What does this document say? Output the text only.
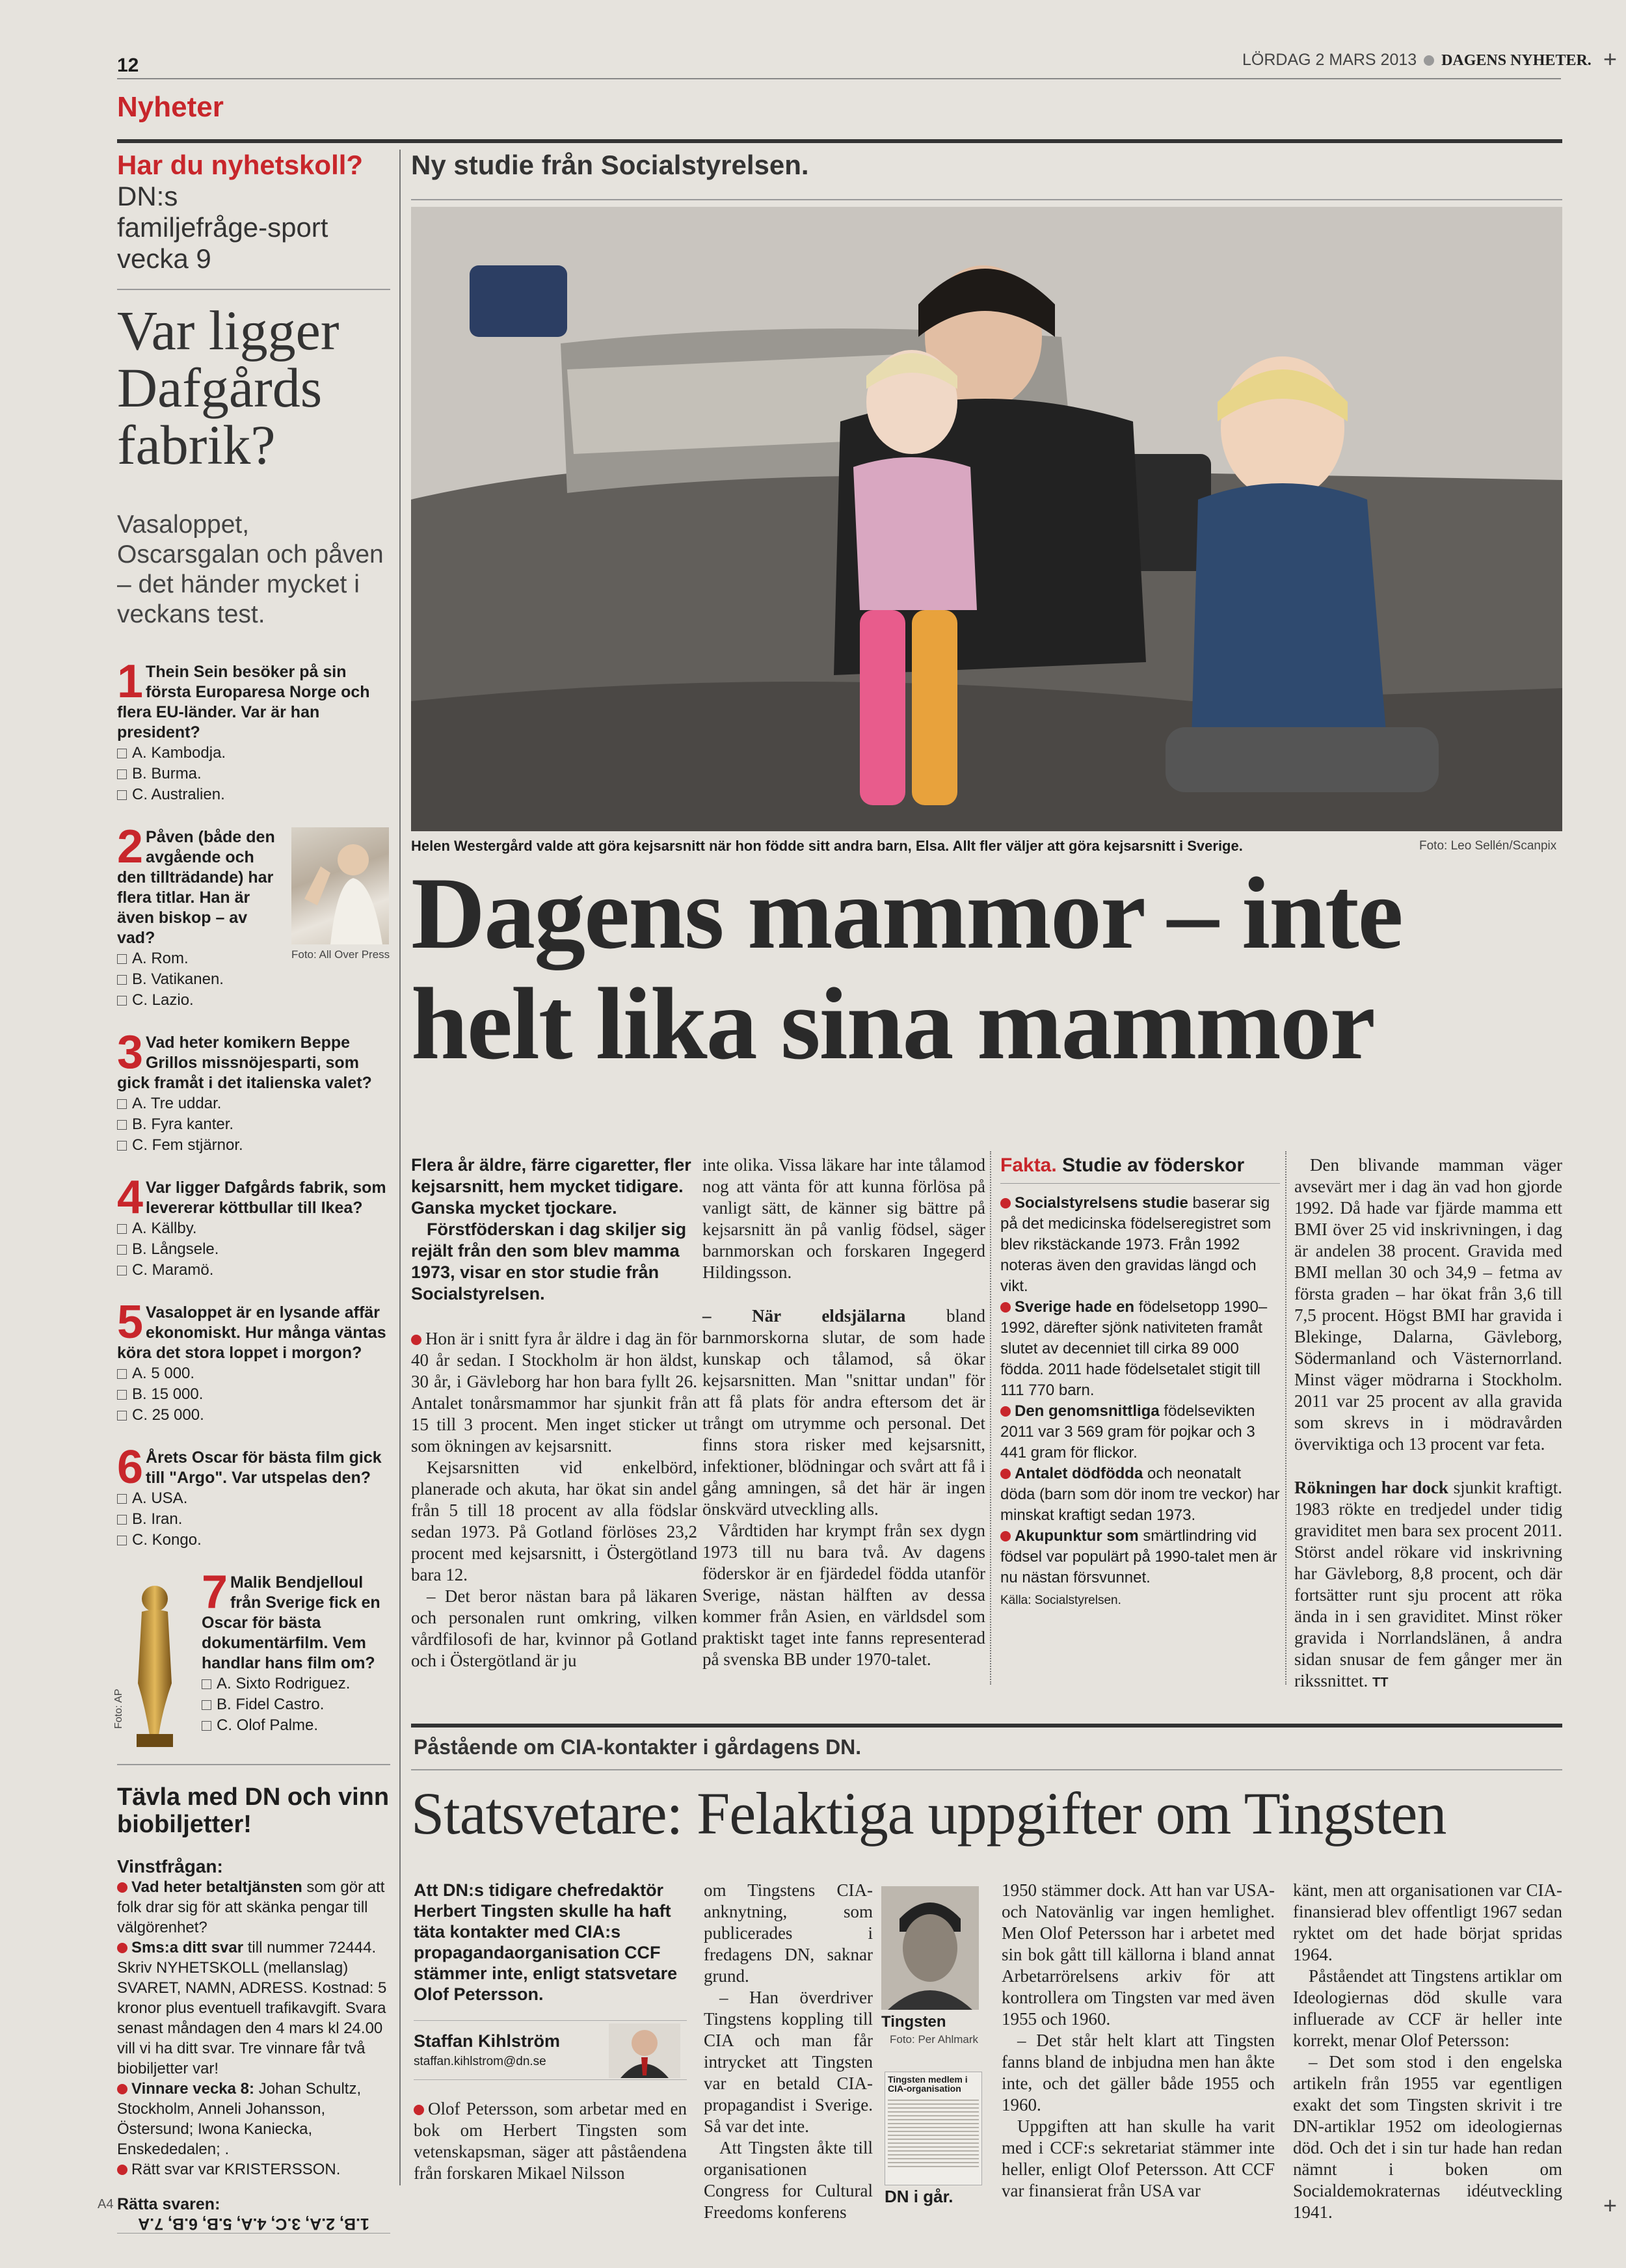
12	LÖRDAG 2 MARS 2013 DAGENS NYHETER.
Nyheter
+
+
Har du nyhetskoll?
DN:s familjefråge-sport vecka 9
Var ligger Dafgårds fabrik?
Vasaloppet, Oscarsgalan och påven – det händer mycket i veckans test.
1 Thein Sein besöker på sin första Europaresa Norge och flera EU-länder. Var är han president?
A. Kambodja.
B. Burma.
C. Australien.
2 Påven (både den avgående och den tillträdande) har flera titlar. Han är även biskop – av vad?
A. Rom.
B. Vatikanen.
C. Lazio.
Foto: All Over Press
3 Vad heter komikern Beppe Grillos missnöjesparti, som gick framåt i det italienska valet?
A. Tre uddar.
B. Fyra kanter.
C. Fem stjärnor.
4 Var ligger Dafgårds fabrik, som levererar köttbullar till Ikea?
A. Källby.
B. Långsele.
C. Maramö.
5 Vasaloppet är en lysande affär ekonomiskt. Hur många väntas köra det stora loppet i morgon?
A. 5 000.
B. 15 000.
C. 25 000.
6 Årets Oscar för bästa film gick till "Argo". Var utspelas den?
A. USA.
B. Iran.
C. Kongo.
Foto: AP
7 Malik Bendjelloul från Sverige fick en Oscar för bästa dokumentärfilm. Vem handlar hans film om?
A. Sixto Rodriguez.
B. Fidel Castro.
C. Olof Palme.
Tävla med DN och vinn biobiljetter!
Vinstfrågan:
Vad heter betaltjänsten som gör att folk drar sig för att skänka pengar till välgörenhet?
Sms:a ditt svar till nummer 72444. Skriv NYHETSKOLL (mellanslag) SVARET, NAMN, ADRESS. Kostnad: 5 kronor plus eventuell trafikavgift. Svara senast måndagen den 4 mars kl 24.00 vill vi ha ditt svar. Tre vinnare får två biobiljetter var!
Vinnare vecka 8: Johan Schultz, Stockholm, Anneli Johansson, Östersund; Iwona Kaniecka, Enskededalen; .
Rätt svar var KRISTERSSON.
Rätta svaren:
1.B, 2.A, 3.C, 4.A, 5.B, 6.B, 7.A
A4
Ny studie från Socialstyrelsen.
Helen Westergård valde att göra kejsarsnitt när hon födde sitt andra barn, Elsa. Allt fler väljer att göra kejsarsnitt i Sverige.	Foto: Leo Sellén/Scanpix
Dagens mammor – inte helt lika sina mammor
Flera år äldre, färre cigaretter, fler kejsarsnitt, hem mycket tidigare. Ganska mycket tjockare.
Förstföderskan i dag skiljer sig rejält från den som blev mamma 1973, visar en stor studie från Socialstyrelsen.
Hon är i snitt fyra år äldre i dag än för 40 år sedan. I Stockholm är hon äldst, 30 år, i Gävleborg har hon bara fyllt 26. Antalet tonårsmammor har sjunkit från 15 till 3 procent. Men inget sticker ut som ökningen av kejsarsnitt.
Kejsarsnitten vid enkelbörd, planerade och akuta, har ökat sin andel från 5 till 18 procent av alla födslar sedan 1973. På Gotland förlöses 23,2 procent med kejsarsnitt, i Östergötland bara 12.
– Det beror nästan bara på läkaren och personalen runt omkring, vilken vårdfilosofi de har, kvinnor på Gotland och i Östergötland är ju
inte olika. Vissa läkare har inte tålamod nog att vänta för att kunna förlösa på vanligt sätt, de känner sig bättre på kejsarsnitt än på vanlig födsel, säger barnmorskan och forskaren Ingegerd Hildingsson.
– När eldsjälarna bland barnmorskorna slutar, de som hade kunskap och tålamod, så ökar kejsarsnitten. Man "snittar undan" för att få plats för andra eftersom det är trångt om utrymme och personal. Det finns stora risker med kejsarsnitt, infektioner, blödningar och svårt att få i gång amningen, så det här är ingen önskvärd utveckling alls.
Vårdtiden har krympt från sex dygn 1973 till nu bara två. Av dagens föderskor är en fjärdedel födda utanför Sverige, nästan hälften av dessa kommer från Asien, en världsdel som praktiskt taget inte fanns representerad på svenska BB under 1970-talet.
Fakta. Studie av föderskor
Socialstyrelsens studie baserar sig på det medicinska födelseregistret som blev rikstäckande 1973. Från 1992 noteras även den gravidas längd och vikt.
Sverige hade en födelsetopp 1990–1992, därefter sjönk nativiteten framåt slutet av decenniet till cirka 89 000 födda. 2011 hade födelsetalet stigit till 111 770 barn.
Den genomsnittliga födelsevikten 2011 var 3 569 gram för pojkar och 3 441 gram för flickor.
Antalet dödfödda och neonatalt döda (barn som dör inom tre veckor) har minskat kraftigt sedan 1973.
Akupunktur som smärtlindring vid födsel var populärt på 1990-talet men är nu nästan försvunnet.
Källa: Socialstyrelsen.
Den blivande mamman väger avsevärt mer i dag än vad hon gjorde 1992. Då hade var fjärde mamma ett BMI över 25 vid inskrivningen, i dag är andelen 38 procent. Gravida med BMI mellan 30 och 34,9 – fetma av första graden – har ökat från 3,6 till 7,5 procent. Högst BMI har gravida i Blekinge, Dalarna, Gävleborg, Södermanland och Västernorrland. Minst väger mödrarna i Stockholm. 2011 var 25 procent av alla gravida som skrevs in i mödravården överviktiga och 13 procent var feta.
Rökningen har dock sjunkit kraftigt. 1983 rökte en tredjedel under tidig graviditet men bara sex procent 2011. Störst andel rökare vid inskrivning har Gävleborg, 8,8 procent, och där fortsätter runt sju procent att röka ända in i sen graviditet. Minst röker gravida i Norrlandslänen, å andra sidan snusar de fem gånger mer än rikssnittet. TT
Påstående om CIA-kontakter i gårdagens DN.
Statsvetare: Felaktiga uppgifter om Tingsten
Att DN:s tidigare chefredaktör Herbert Tingsten skulle ha haft täta kontakter med CIA:s propagandaorganisation CCF stämmer inte, enligt statsvetare Olof Petersson.
Staffan Kihlström
staffan.kihlstrom@dn.se
Olof Petersson, som arbetar med en bok om Herbert Tingsten som vetenskapsman, säger att påståendena från forskaren Mikael Nilsson
om Tingstens CIA-anknytning, som publicerades i fredagens DN, saknar grund.
– Han överdriver Tingstens koppling till CIA och man får intrycket att Tingsten var en betald CIA-propagandist i Sverige. Så var det inte.
Att Tingsten åkte till organisationen Congress for Cultural Freedoms konferens
Tingsten
Foto: Per Ahlmark
Tingsten medlem i CIA-organisation
DN i går.
1950 stämmer dock. Att han var USA- och Natovänlig var ingen hemlighet. Men Olof Petersson har i arbetet med sin bok gått till källorna i bland annat Arbetarrörelsens arkiv för att kontrollera om Tingsten var med även 1955 och 1960.
– Det står helt klart att Tingsten fanns bland de inbjudna men han åkte inte, och det gäller både 1955 och 1960.
Uppgiften att han skulle ha varit med i CCF:s sekretariat stämmer inte heller, enligt Olof Petersson. Att CCF var finansierat från USA var
känt, men att organisationen var CIA-finansierad blev offentligt 1967 sedan ryktet om det hade börjat spridas 1964.
Påståendet att Tingstens artiklar om Ideologiernas död skulle vara influerade av CCF är heller inte korrekt, menar Olof Petersson:
– Det som stod i den engelska artikeln från 1955 var egentligen exakt det som Tingsten skrivit i tre DN-artiklar 1952 om ideologiernas död. Och det i sin tur hade han redan nämnt i boken om Socialdemokraternas idéutveckling 1941.
